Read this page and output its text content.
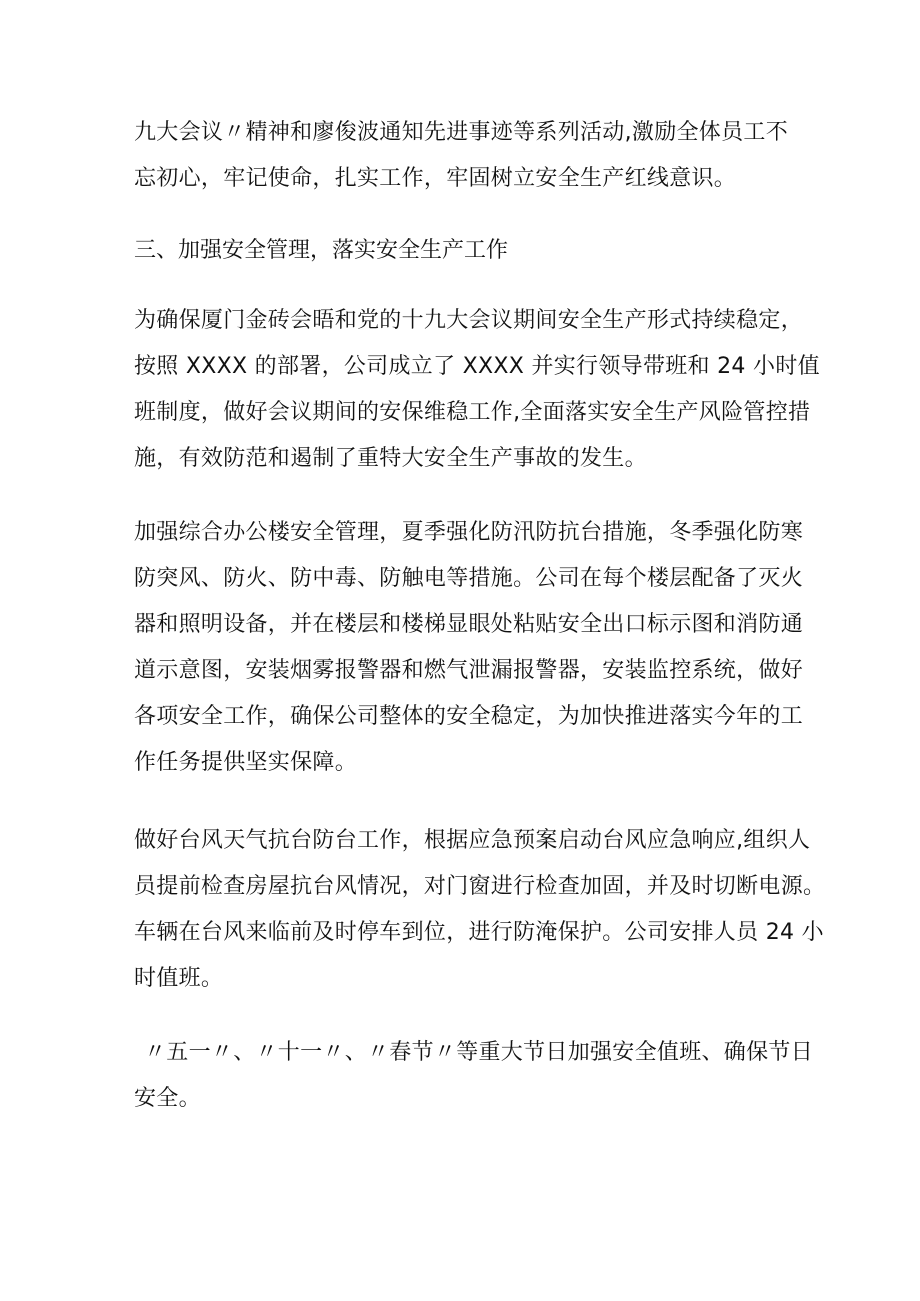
九大会议〃精神和廖俊波通知先进事迹等系列活动,激励全体员工不
忘初心，牢记使命，扎实工作，牢固树立安全生产红线意识。
三、加强安全管理，落实安全生产工作
为确保厦门金砖会晤和党的十九大会议期间安全生产形式持续稳定，
按照 XXXX 的部署，公司成立了 XXXX 并实行领导带班和 24 小时值
班制度，做好会议期间的安保维稳工作,全面落实安全生产风险管控措
施，有效防范和遏制了重特大安全生产事故的发生。
加强综合办公楼安全管理，夏季强化防汛防抗台措施，冬季强化防寒
防突风、防火、防中毒、防触电等措施。公司在每个楼层配备了灭火
器和照明设备，并在楼层和楼梯显眼处粘贴安全出口标示图和消防通
道示意图，安装烟雾报警器和燃气泄漏报警器，安装监控系统，做好
各项安全工作，确保公司整体的安全稳定，为加快推进落实今年的工
作任务提供坚实保障。
做好台风天气抗台防台工作，根据应急预案启动台风应急响应,组织人
员提前检查房屋抗台风情况，对门窗进行检查加固，并及时切断电源。
车辆在台风来临前及时停车到位，进行防淹保护。公司安排人员 24 小
时值班。
〃五一〃、〃十一〃、〃春节〃等重大节日加强安全值班、确保节日
安全。
